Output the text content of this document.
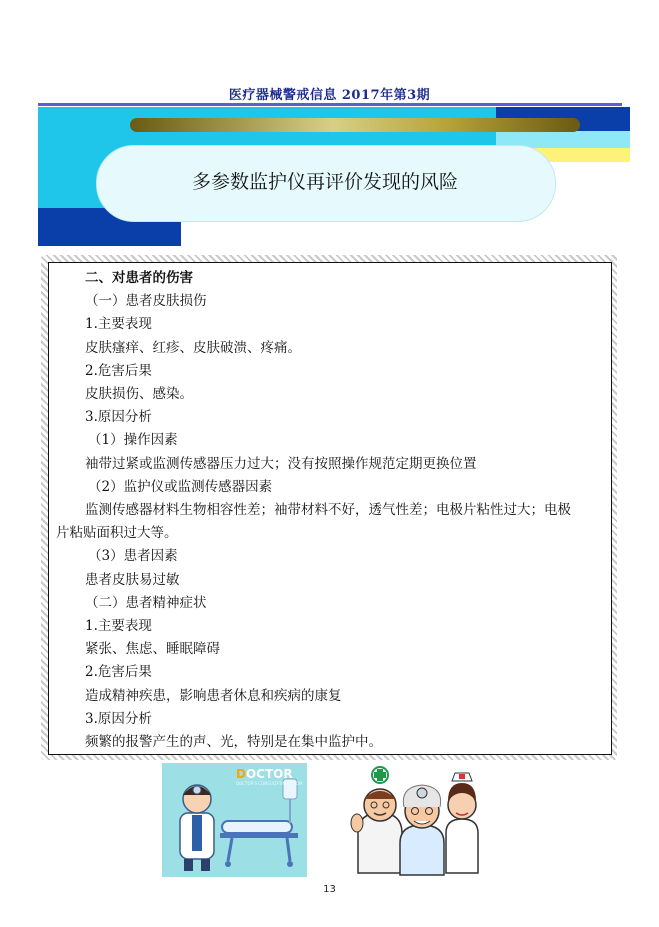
医疗器械警戒信息 2017年第3期
多参数监护仪再评价发现的风险
二、对患者的伤害
（一）患者皮肤损伤
1.主要表现
皮肤瘙痒、红疹、皮肤破溃、疼痛。
2.危害后果
皮肤损伤、感染。
3.原因分析
（1）操作因素
袖带过紧或监测传感器压力过大；没有按照操作规范定期更换位置
（2）监护仪或监测传感器因素
监测传感器材料生物相容性差；袖带材料不好，透气性差；电极片粘性过大；电极片粘贴面积过大等。
（3）患者因素
患者皮肤易过敏
（二）患者精神症状
1.主要表现
紧张、焦虑、睡眠障碍
2.危害后果
造成精神疾患，影响患者休息和疾病的康复
3.原因分析
频繁的报警产生的声、光，特别是在集中监护中。
DOCTOR
DOCTOR'S CONSULTATION ROOM
13
